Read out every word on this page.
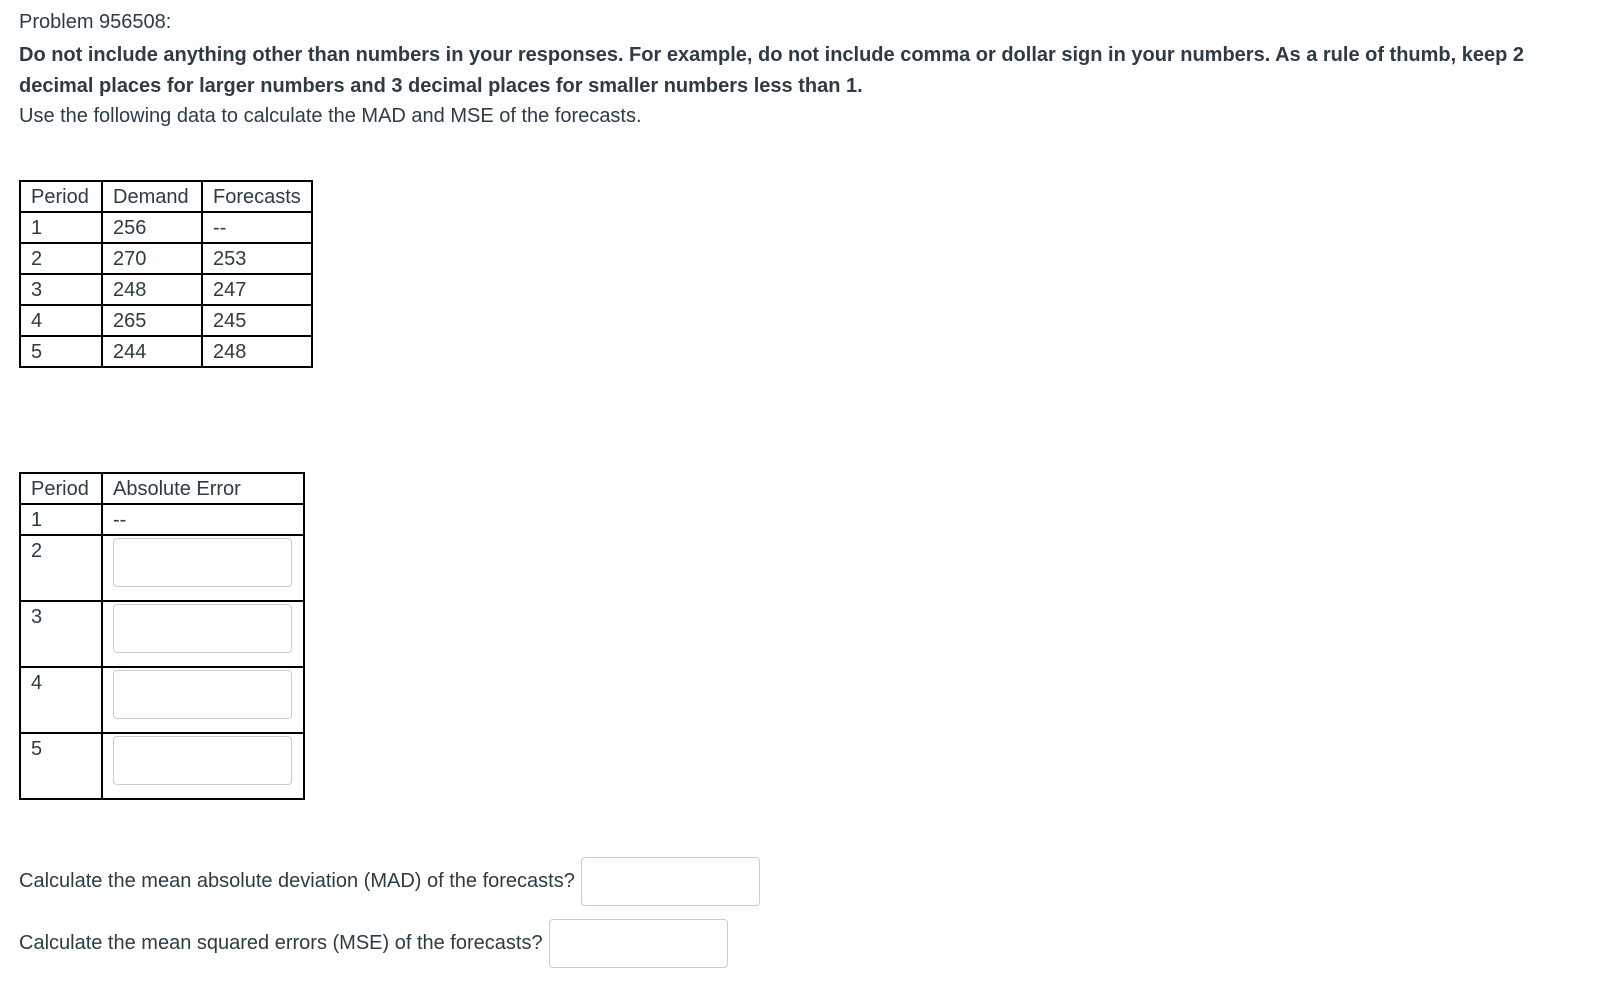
Problem 956508:
Do not include anything other than numbers in your responses. For example, do not include comma or dollar sign in your numbers. As a rule of thumb, keep 2 decimal places for larger numbers and 3 decimal places for smaller numbers less than 1.
Use the following data to calculate the MAD and MSE of the forecasts.
Period	Demand	Forecasts
1	256	--
2	270	253
3	248	247
4	265	245
5	244	248
Period	Absolute Error
1	--
2	
3	
4	
5	
Calculate the mean absolute deviation (MAD) of the forecasts?
Calculate the mean squared errors (MSE) of the forecasts?
